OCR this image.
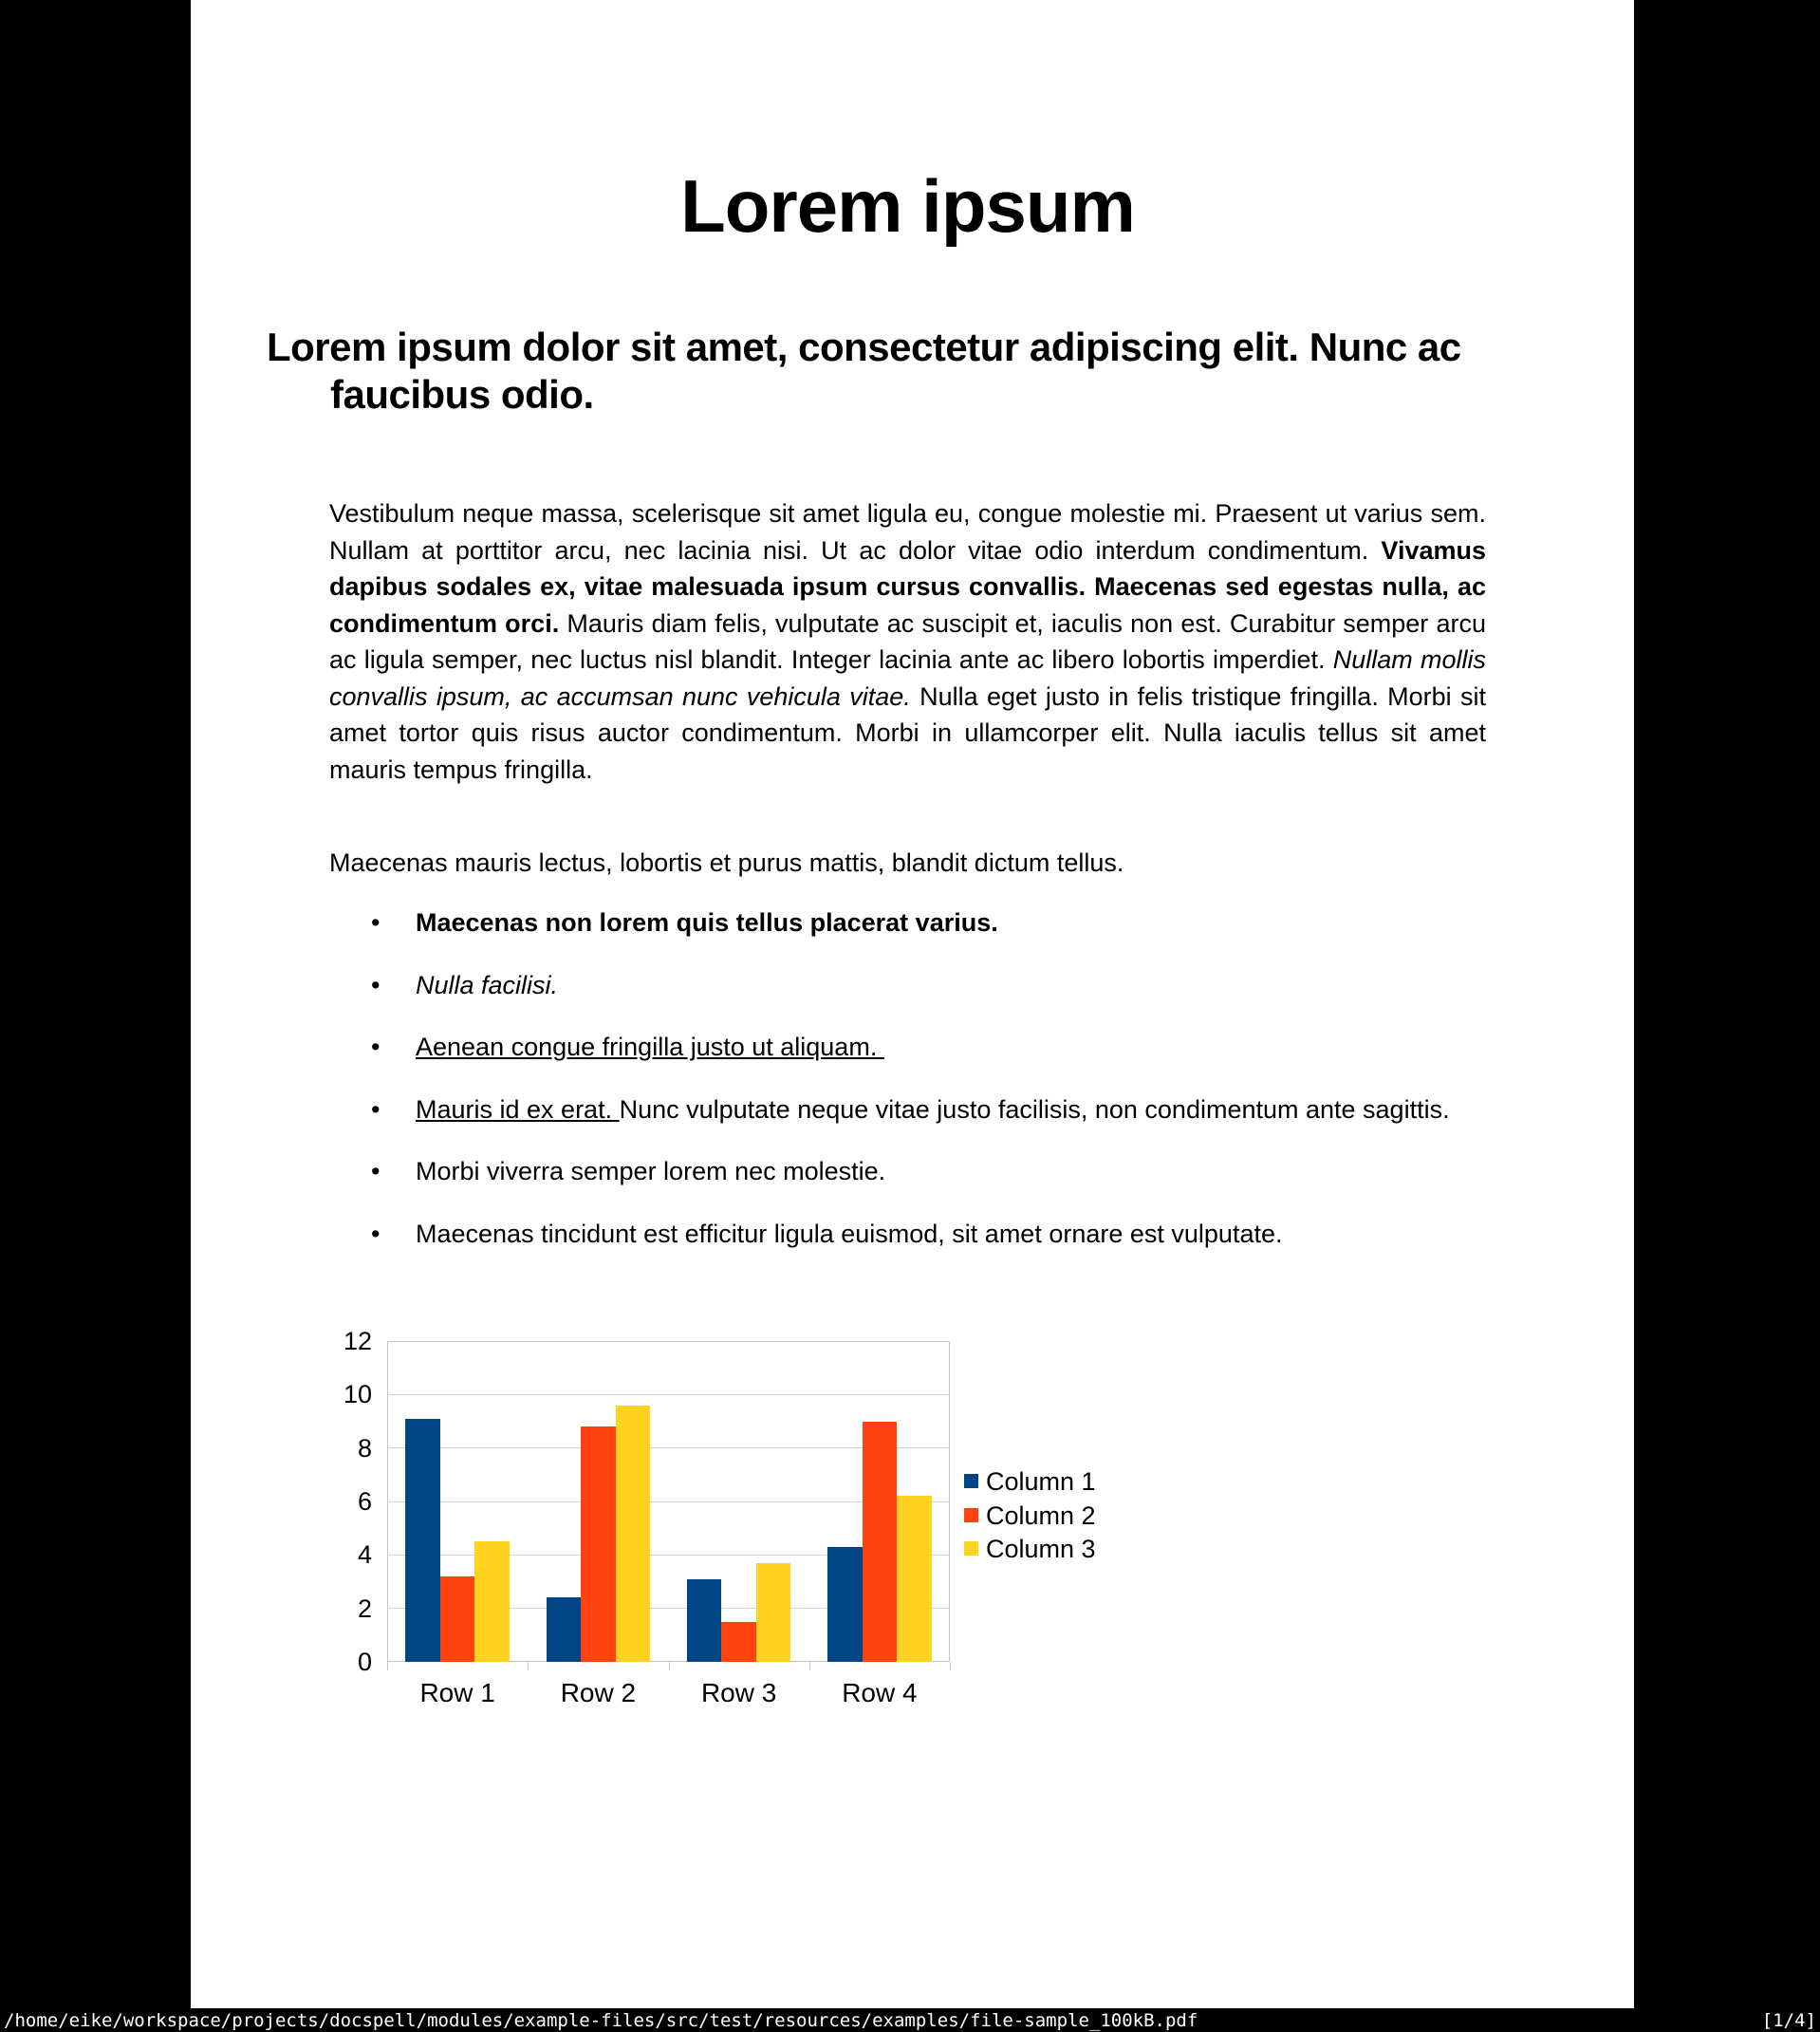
Lorem ipsum
Lorem ipsum dolor sit amet, consectetur adipiscing elit. Nunc ac faucibus odio.
Vestibulum neque massa, scelerisque sit amet ligula eu, congue molestie mi. Praesent ut varius sem. Nullam at porttitor arcu, nec lacinia nisi. Ut ac dolor vitae odio interdum condimentum. Vivamus dapibus sodales ex, vitae malesuada ipsum cursus convallis. Maecenas sed egestas nulla, ac condimentum orci. Mauris diam felis, vulputate ac suscipit et, iaculis non est. Curabitur semper arcu ac ligula semper, nec luctus nisl blandit. Integer lacinia ante ac libero lobortis imperdiet. Nullam mollis convallis ipsum, ac accumsan nunc vehicula vitae. Nulla eget justo in felis tristique fringilla. Morbi sit amet tortor quis risus auctor condimentum. Morbi in ullamcorper elit. Nulla iaculis tellus sit amet mauris tempus fringilla.
Maecenas mauris lectus, lobortis et purus mattis, blandit dictum tellus.
• Maecenas non lorem quis tellus placerat varius.
• Nulla facilisi.
• Aenean congue fringilla justo ut aliquam.
• Mauris id ex erat. Nunc vulputate neque vitae justo facilisis, non condimentum ante sagittis.
• Morbi viverra semper lorem nec molestie.
• Maecenas tincidunt est efficitur ligula euismod, sit amet ornare est vulputate.
0
2
4
6
8
10
12
Row 1	Row 2	Row 3	Row 4
Column 1
Column 2
Column 3
/home/eike/workspace/projects/docspell/modules/example-files/src/test/resources/examples/file-sample_100kB.pdf	[1/4]
